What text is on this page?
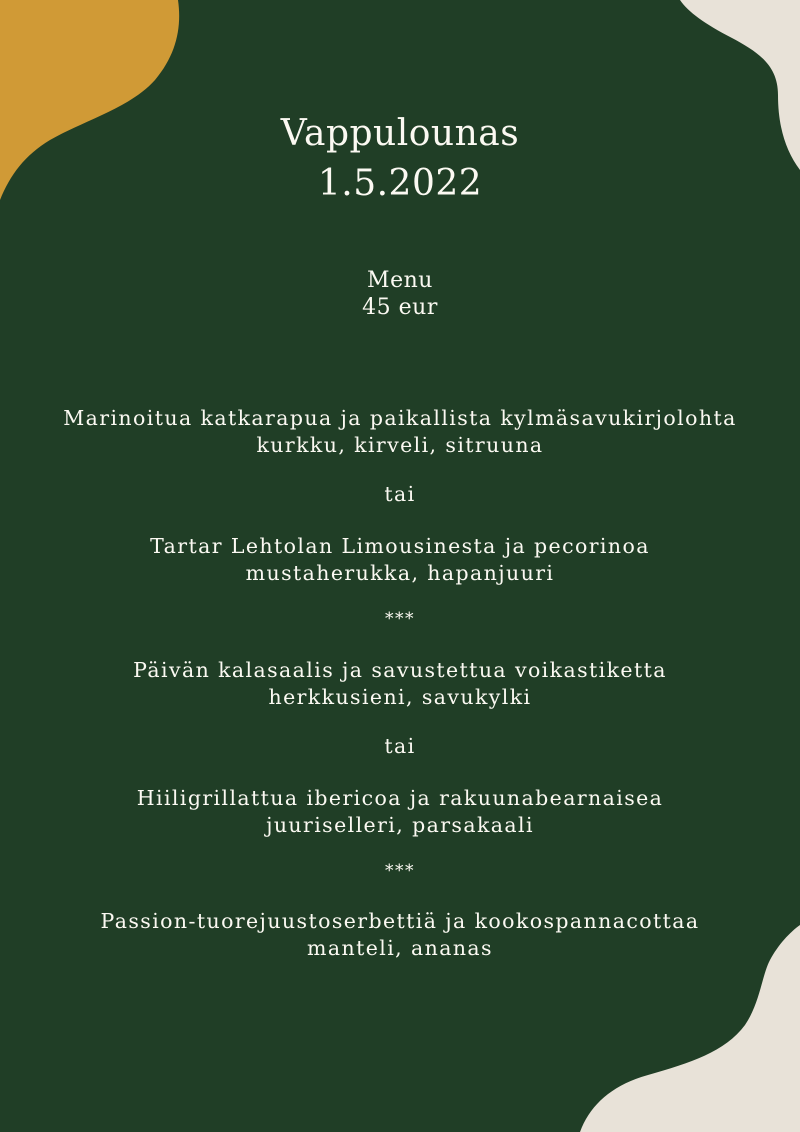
Vappulounas
1.5.2022
Menu
45 eur
Marinoitua katkarapua ja paikallista kylmäsavukirjolohta
kurkku, kirveli, sitruuna
tai
Tartar Lehtolan Limousinesta ja pecorinoa
mustaherukka, hapanjuuri
***
Päivän kalasaalis ja savustettua voikastiketta
herkkusieni, savukylki
tai
Hiiligrillattua ibericoa ja rakuunabearnaisea
juuriselleri, parsakaali
***
Passion-tuorejuustoserbettiä ja kookospannacottaa
manteli, ananas
